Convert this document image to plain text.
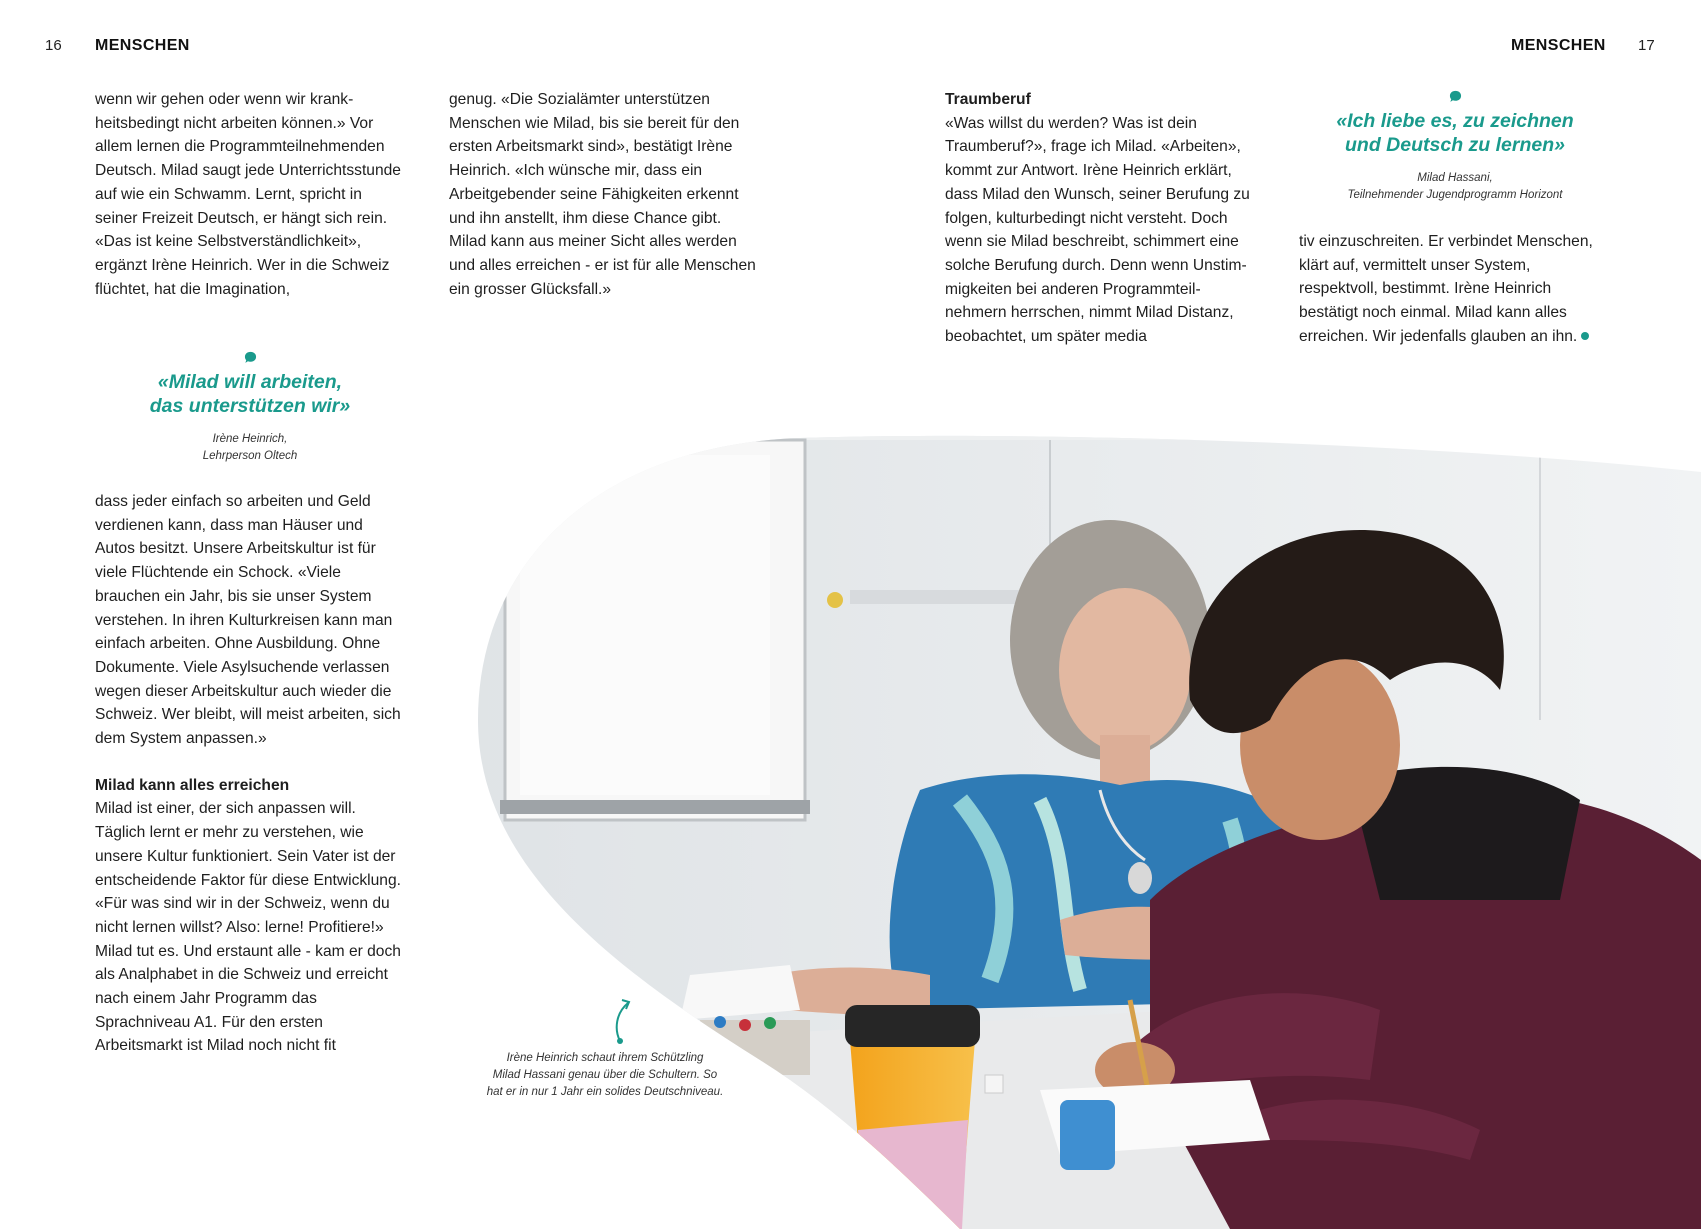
16 MENSCHEN	MENSCHEN 17

wenn wir gehen oder wenn wir krankheitsbedingt nicht arbeiten können.» Vor allem lernen die Programmteilnehmenden Deutsch. Milad saugt jede Unterrichtsstunde auf wie ein Schwamm. Lernt, spricht in seiner Freizeit Deutsch, er hängt sich rein. «Das ist keine Selbstverständlichkeit», ergänzt Irène Heinrich. Wer in die Schweiz flüchtet, hat die Imagination,

«Milad will arbeiten,
das unterstützen wir»
Irène Heinrich,
Lehrperson Oltech

dass jeder einfach so arbeiten und Geld verdienen kann, dass man Häuser und Autos besitzt. Unsere Arbeitskultur ist für viele Flüchtende ein Schock. «Viele brauchen ein Jahr, bis sie unser System verstehen. In ihren Kulturkreisen kann man einfach arbeiten. Ohne Ausbildung. Ohne Dokumente. Viele Asylsuchende verlassen wegen dieser Arbeitskultur auch wieder die Schweiz. Wer bleibt, will meist arbeiten, sich dem System anpassen.»

Milad kann alles erreichen

Milad ist einer, der sich anpassen will. Täglich lernt er mehr zu verstehen, wie unsere Kultur funktioniert. Sein Vater ist der entscheidende Faktor für diese Entwicklung. «Für was sind wir in der Schweiz, wenn du nicht lernen willst? Also: lerne! Profitiere!» Milad tut es. Und erstaunt alle - kam er doch als Analphabet in die Schweiz und erreicht nach einem Jahr Programm das Sprachniveau A1. Für den ersten Arbeitsmarkt ist Milad noch nicht fit

genug. «Die Sozialämter unterstützen Menschen wie Milad, bis sie bereit für den ersten Arbeitsmarkt sind», bestätigt Irène Heinrich. «Ich wünsche mir, dass ein Arbeitgebender seine Fähigkeiten erkennt und ihn anstellt, ihm diese Chance gibt. Milad kann aus meiner Sicht alles werden und alles erreichen - er ist für alle Menschen ein grosser Glücksfall.»

Traumberuf

«Was willst du werden? Was ist dein Traumberuf?», frage ich Milad. «Arbeiten», kommt zur Antwort. Irène Heinrich erklärt, dass Milad den Wunsch, seiner Berufung zu folgen, kulturbedingt nicht versteht. Doch wenn sie Milad beschreibt, schimmert eine solche Berufung durch. Denn wenn Unstimmigkeiten bei anderen Programmteilnehmern herrschen, nimmt Milad Distanz, beobachtet, um später media

«Ich liebe es, zu zeichnen
und Deutsch zu lernen»
Milad Hassani,
Teilnehmender Jugendprogramm Horizont

tiv einzuschreiten. Er verbindet Menschen, klärt auf, vermittelt unser System, respektvoll, bestimmt. Irène Heinrich bestätigt noch einmal. Milad kann alles erreichen. Wir jedenfalls glauben an ihn.

Irène Heinrich schaut ihrem Schützling
Milad Hassani genau über die Schultern. So
hat er in nur 1 Jahr ein solides Deutschniveau.
